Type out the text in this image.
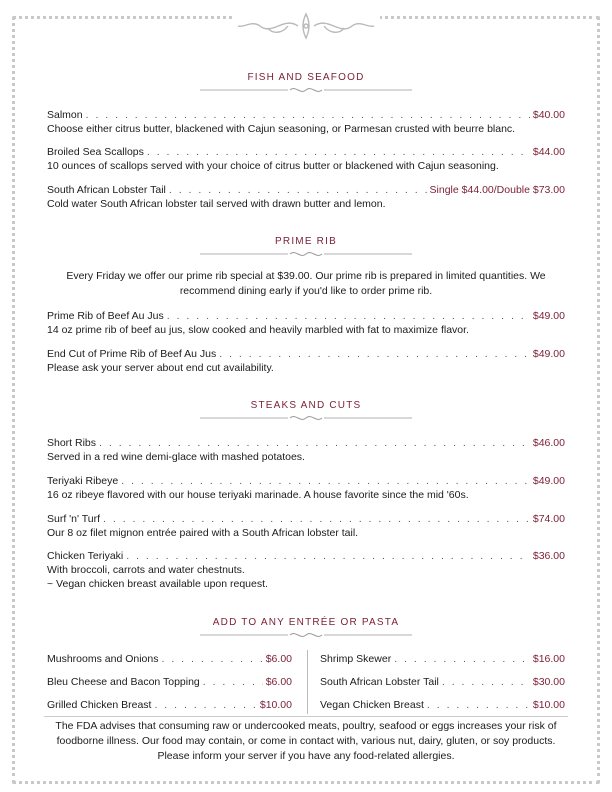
FISH AND SEAFOOD
Salmon . . .	$40.00
Choose either citrus butter, blackened with Cajun seasoning, or Parmesan crusted with beurre blanc.
Broiled Sea Scallops . . .	$44.00
10 ounces of scallops served with your choice of citrus butter or blackened with Cajun seasoning.
South African Lobster Tail . . .	Single $44.00/Double $73.00
Cold water South African lobster tail served with drawn butter and lemon.
PRIME RIB
Every Friday we offer our prime rib special at $39.00. Our prime rib is prepared in limited quantities. We recommend dining early if you'd like to order prime rib.
Prime Rib of Beef Au Jus . . .	$49.00
14 oz prime rib of beef au jus, slow cooked and heavily marbled with fat to maximize flavor.
End Cut of Prime Rib of Beef Au Jus . . .	$49.00
Please ask your server about end cut availability.
STEAKS AND CUTS
Short Ribs . . .	$46.00
Served in a red wine demi-glace with mashed potatoes.
Teriyaki Ribeye . . .	$49.00
16 oz ribeye flavored with our house teriyaki marinade. A house favorite since the mid '60s.
Surf 'n' Turf . . .	$74.00
Our 8 oz filet mignon entrée paired with a South African lobster tail.
Chicken Teriyaki . . .	$36.00
With broccoli, carrots and water chestnuts.
~ Vegan chicken breast available upon request.
ADD TO ANY ENTRÉE OR PASTA
Mushrooms and Onions . . .	$6.00
Bleu Cheese and Bacon Topping . . .	$6.00
Grilled Chicken Breast . . .	$10.00
Shrimp Skewer . . .	$16.00
South African Lobster Tail . . .	$30.00
Vegan Chicken Breast . . .	$10.00
The FDA advises that consuming raw or undercooked meats, poultry, seafood or eggs increases your risk of foodborne illness. Our food may contain, or come in contact with, various nut, dairy, gluten, or soy products. Please inform your server if you have any food-related allergies.
